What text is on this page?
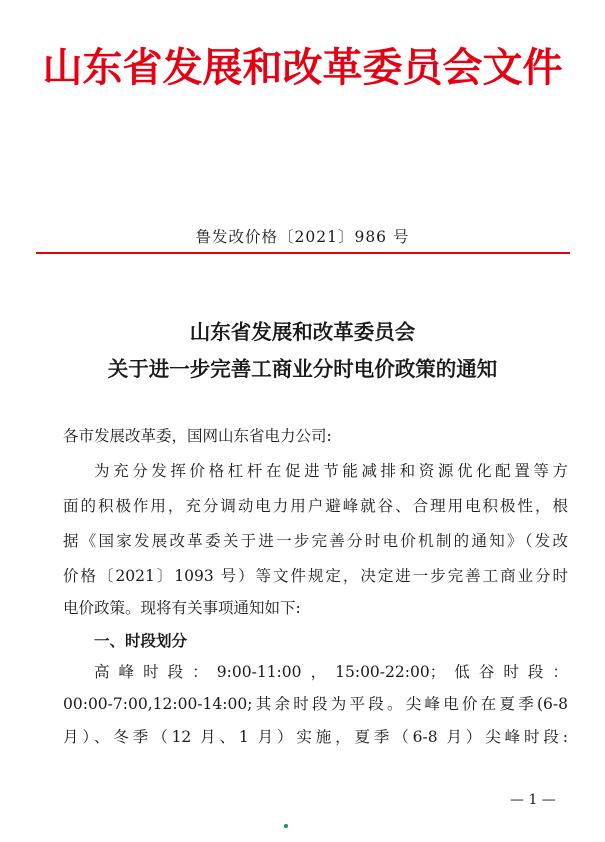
山东省发展和改革委员会文件
鲁发改价格〔2021〕986 号
山东省发展和改革委员会
关于进一步完善工商业分时电价政策的通知
各市发展改革委，国网山东省电力公司:
为充分发挥价格杠杆在促进节能减排和资源优化配置等方
面的积极作用，充分调动电力用户避峰就谷、合理用电积极性，根
据《国家发展改革委关于进一步完善分时电价机制的通知》（发改
价格〔2021〕1093 号）等文件规定，决定进一步完善工商业分时
电价政策。现将有关事项通知如下:
一、时段划分
高峰时段：9:00-11:00，15:00-22:00；低谷时段：
00:00-7:00,12:00-14:00;其余时段为平段。尖峰电价在夏季(6-8
月）、冬季（12 月、1 月）实施，夏季（6-8 月）尖峰时段:
— 1 —
